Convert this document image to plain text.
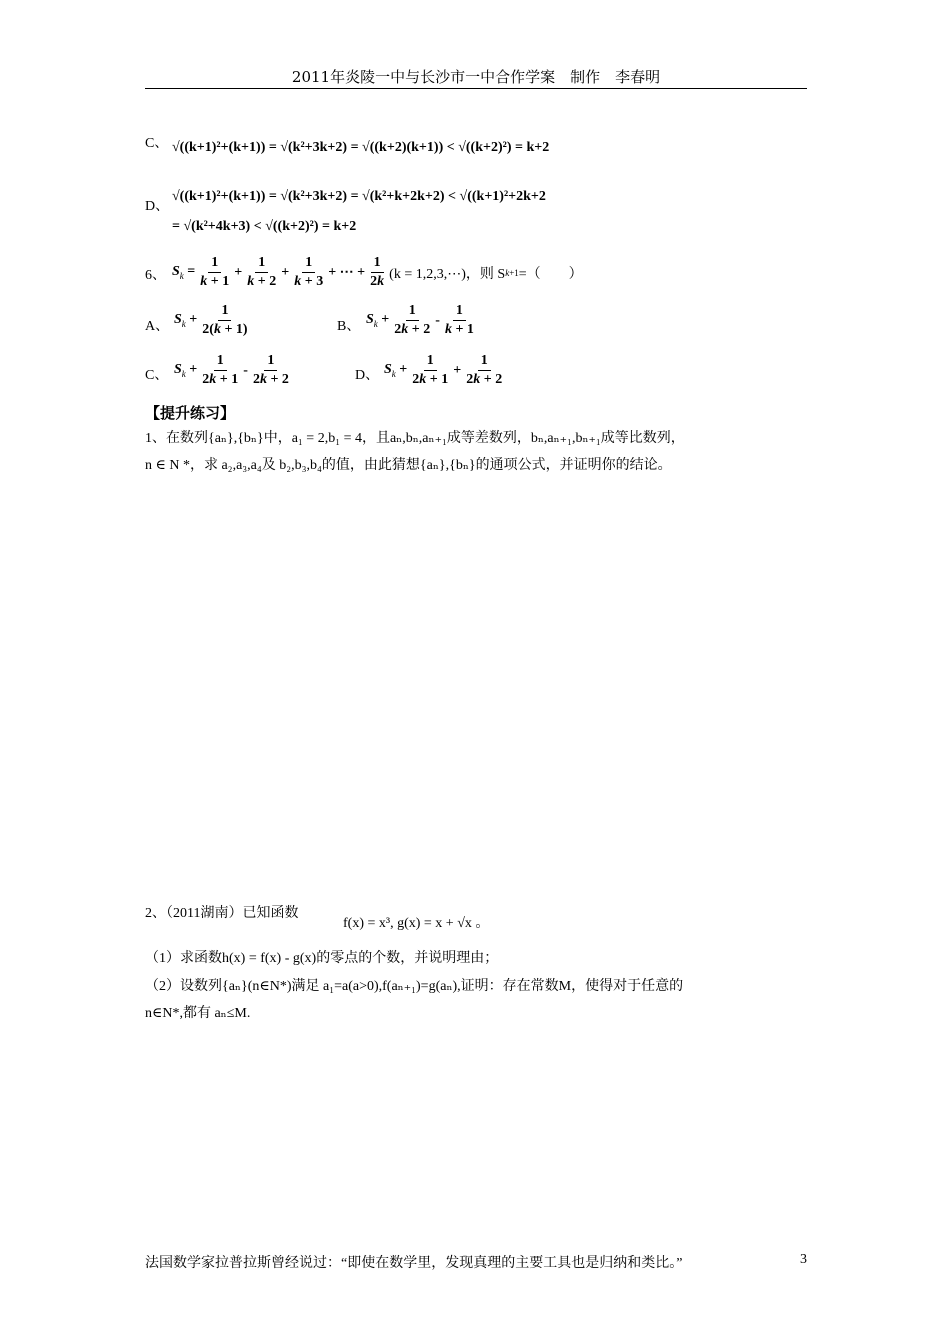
2011年炎陵一中与长沙市一中合作学案　制作　李春明
C、 √((k+1)²+(k+1)) = √(k²+3k+2) = √((k+2)(k+1)) < √((k+2)²) = k+2
D、
√((k+1)²+(k+1)) = √(k²+3k+2) = √(k²+k+2k+2) < √((k+1)²+2k+2
= √(k²+4k+3) < √((k+2)²) = k+2
6、 $S_k = \frac{1}{k + 1} + \frac{1}{k + 2} + \frac{1}{k + 3}$ + ⋯ + $\frac{1}{2k} (k$ = 1,2,3,⋯)，则 S k+1 =（　　）
A、 $S_k + \frac{1}{2(k + 1)}$	B、 $S_k + \frac{1}{2k + 2} - \frac{1}{k + 1}$
C、 $S_k + \frac{1}{2k + 1} - \frac{1}{2k + 2}$	D、 $S_k + \frac{1}{2k + 1} + \frac{1}{2k + 2}$
【提升练习】
1、在数列{aₙ},{bₙ}中，a₁ = 2,b₁ = 4，且aₙ,bₙ,aₙ₊₁成等差数列，bₙ,aₙ₊₁,bₙ₊₁成等比数列，
n ∈ N *，求 a₂,a₃,a₄及 b₂,b₃,b₄的值，由此猜想{aₙ},{bₙ}的通项公式，并证明你的结论。
2、（2011湖南）已知函数
f(x) = x³, g(x) = x + √x 。
（1）求函数h(x) = f(x) - g(x)的零点的个数，并说明理由；
（2）设数列{aₙ}(n∈N*)满足 a₁=a(a>0),f(aₙ₊₁)=g(aₙ),证明：存在常数M，使得对于任意的
n∈N*,都有 aₙ≤M.
法国数学家拉普拉斯曾经说过：“即使在数学里，发现真理的主要工具也是归纳和类比。”	3
